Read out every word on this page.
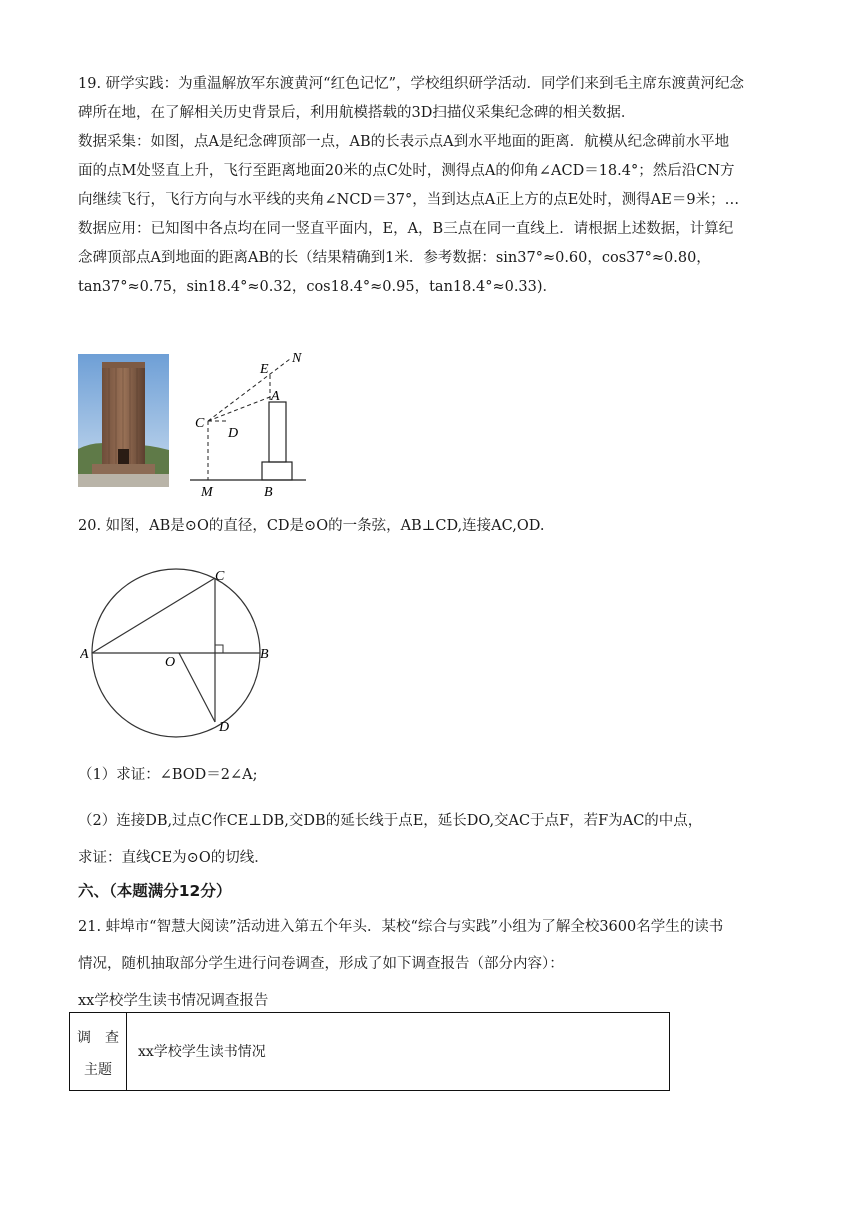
19. 研学实践：为重温解放军东渡黄河“红色记忆”，学校组织研学活动．同学们来到毛主席东渡黄河纪念
碑所在地，在了解相关历史背景后，利用航模搭载的3D扫描仪采集纪念碑的相关数据．
数据采集：如图，点A是纪念碑顶部一点，AB的长表示点A到水平地面的距离．航模从纪念碑前水平地
面的点M处竖直上升，飞行至距离地面20米的点C处时，测得点A的仰角∠ACD＝18.4°；然后沿CN方
向继续飞行，飞行方向与水平线的夹角∠NCD＝37°，当到达点A正上方的点E处时，测得AE＝9米；…
数据应用：已知图中各点均在同一竖直平面内，E，A，B三点在同一直线上．请根据上述数据，计算纪
念碑顶部点A到地面的距离AB的长（结果精确到1米．参考数据：sin37°≈0.60，cos37°≈0.80，
tan37°≈0.75，sin18.4°≈0.32，cos18.4°≈0.95，tan18.4°≈0.33)．
E
N
A
C
D
M	B
20. 如图，AB是⊙O的直径，CD是⊙O的一条弦，AB⊥CD,连接AC,OD.
C
A
O
B
D
（1）求证：∠BOD＝2∠A;
（2）连接DB,过点C作CE⊥DB,交DB的延长线于点E，延长DO,交AC于点F，若F为AC的中点，
求证：直线CE为⊙O的切线．
六、（本题满分12分）
21. 蚌埠市“智慧大阅读”活动进入第五个年头．某校“综合与实践”小组为了解全校3600名学生的读书
情况，随机抽取部分学生进行问卷调查，形成了如下调查报告（部分内容）：
xx学校学生读书情况调查报告
调　查
主题
xx学校学生读书情况
